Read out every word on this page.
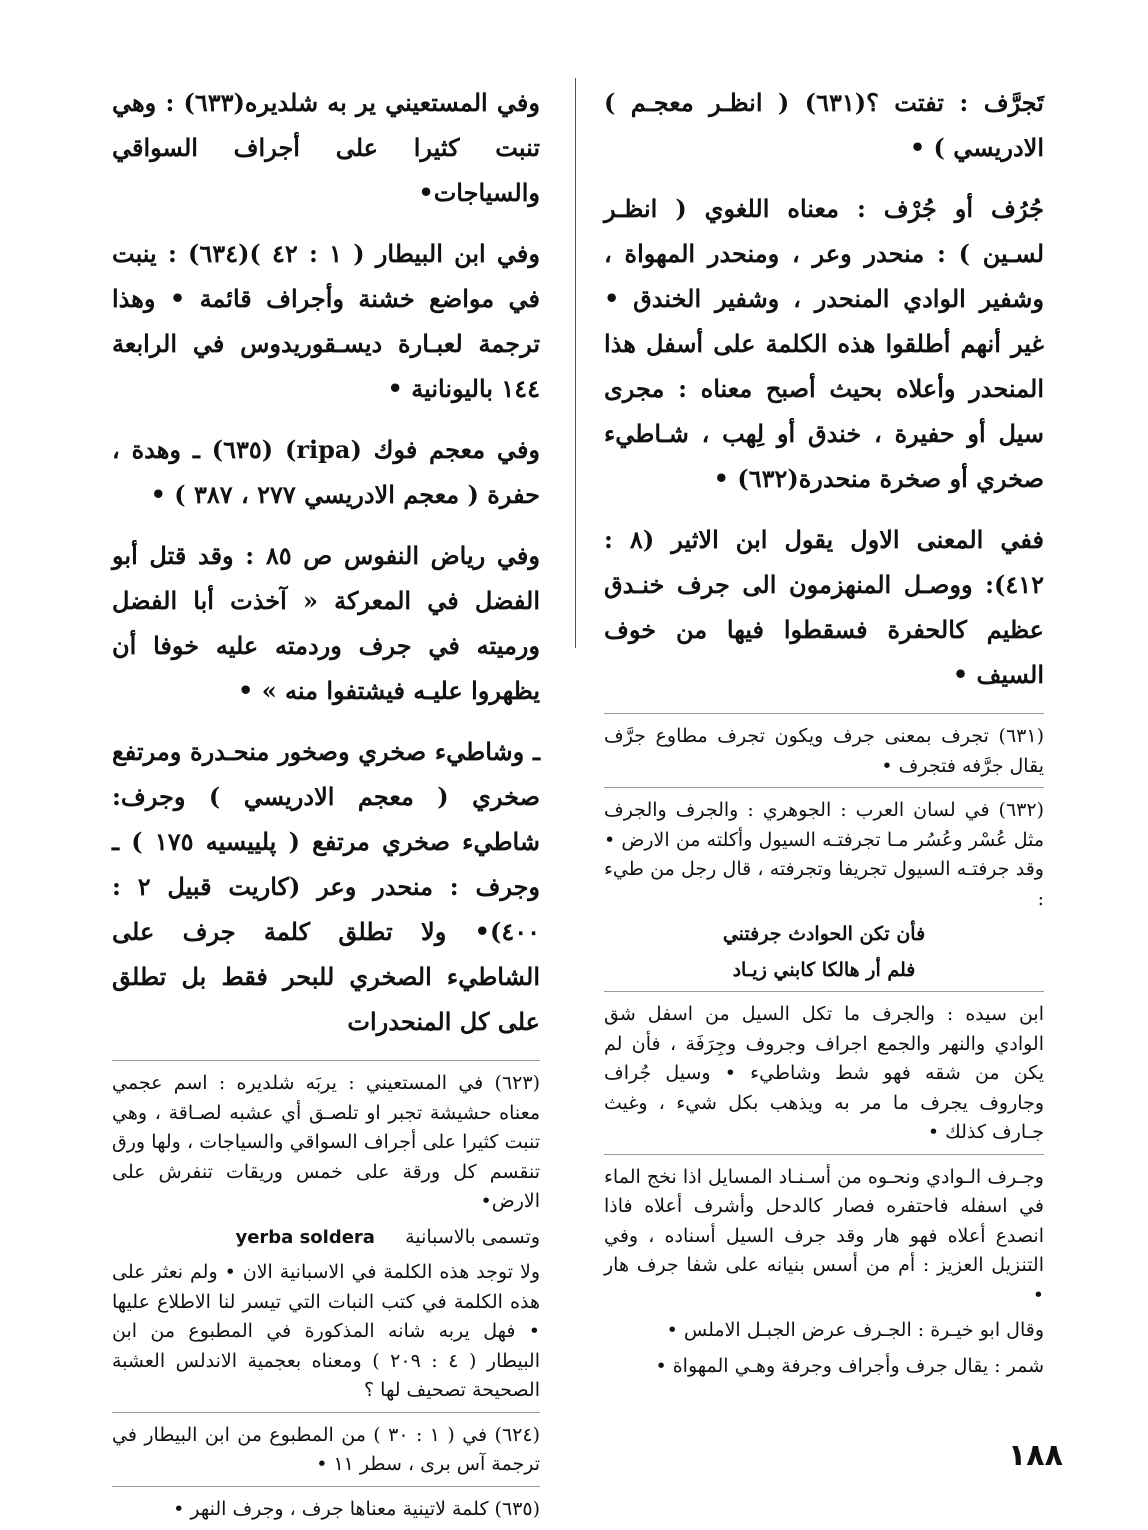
تَجرَّف : تفتت ؟(٦٣١) ( انظـر معجـم ) الادريسي ) •

جُرُف أو جُرْف : معناه اللغوي ( انظـر لسـين ) : منحدر وعر ، ومنحدر المهواة ، وشفير الوادي المنحدر ، وشفير الخندق • غير أنهم أطلقوا هذه الكلمة على أسفل هذا المنحدر وأعلاه بحيث أصبح معناه : مجرى سيل أو حفيرة ، خندق أو لِهب ، شـاطيء صخري أو صخرة منحدرة(٦٣٢) •

ففي المعنى الاول يقول ابن الاثير (٨ : ٤١٢): ووصـل المنهزمون الى جرف خنـدق عظيم كالحفرة فسقطوا فيها من خوف السيف •

(٦٣١) تجرف بمعنى جرف ويكون تجرف مطاوع جرَّف يقال جرَّفه فتجرف •

(٦٣٢) في لسان العرب : الجوهري : والجرف والجرف مثل عُسْر وعُسُر مـا تجرفتـه السيول وأكلته من الارض • وقد جرفتـه السيول تجريفا وتجرفته ، قال رجل من طيء :

فأن تكن الحوادث جرفتني

فلم أر هالكا كابني زيـاد

ابن سيده : والجرف ما تكل السيل من اسفل شق الوادي والنهر والجمع اجراف وجروف وجِرَفَة ، فأن لم يكن من شقه فهو شط وشاطيء • وسيل جُراف وجاروف يجرف ما مر به ويذهب بكل شيء ، وغيث جـارف كذلك •

وجـرف الـوادي ونحـوه من أسـنـاد المسايل اذا نخج الماء في اسفله فاحتفره فصار كالدحل وأشرف أعلاه فاذا انصدع أعلاه فهو هار وقد جرف السيل أسناده ، وفي التنزيل العزيز : أم من أسس بنيانه على شفا جرف هار •

وقال ابو خيـرة : الجـرف عرض الجبـل الاملس •

شمر : يقال جرف وأجراف وجرفة وهـي المهواة •

وفي المستعيني ير به شلديره(٦٣٣) : وهي تنبت كثيرا على أجراف السواقي والسياجات•

وفي ابن البيطار ( ١ : ٤٢ )(٦٣٤) : ينبت في مواضع خشنة وأجراف قائمة • وهذا ترجمة لعبـارة ديسـقوريدوس في الرابعة ١٤٤ باليونانية •

وفي معجم فوك (ripa) (٦٣٥) ـ وهدة ، حفرة ( معجم الادريسي ٢٧٧ ، ٣٨٧ ) •

وفي رياض النفوس ص ٨٥ : وقد قتل أبو الفضل في المعركة « آخذت أبا الفضل ورميته في جرف وردمته عليه خوفا أن يظهروا عليـه فيشتفوا منه » •

ـ وشاطيء صخري وصخور منحـدرة ومرتفع صخري ( معجم الادريسي ) وجرف: شاطيء صخري مرتفع ( پلييسيه ١٧٥ ) ـ وجرف : منحدر وعر (كاريت قبيل ٢ : ٤٠٠)• ولا تطلق كلمة جرف على الشاطيء الصخري للبحر فقط بل تطلق على كل المنحدرات

(٦٢٣) في المستعيني : يربَه شلديره : اسم عجمي معناه حشيشة تجبر او تلصـق أي عشبه لصـاقة ، وهي تنبت كثيرا على أجراف السواقي والسياجات ، ولها ورق تنقسم كل ورقة على خمس وريقات تنفرش على الارض•

وتسمى بالاسبانية     yerba soldera

ولا توجد هذه الكلمة في الاسبانية الان • ولم نعثر على هذه الكلمة في كتب النبات التي تيسر لنا الاطلاع عليها • فهل يربه شانه المذكورة في المطبوع من ابن البيطار ( ٤ : ٢٠٩ ) ومعناه بعجمية الاندلس العشبة الصحيحة تصحيف لها ؟

(٦٢٤) في ( ١ : ٣٠ ) من المطبوع من ابن البيطار في ترجمة آس برى ، سطر ١١ •

(٦٣٥) كلمة لاتينية معناها جرف ، وجرف النهر •

١٨٨
